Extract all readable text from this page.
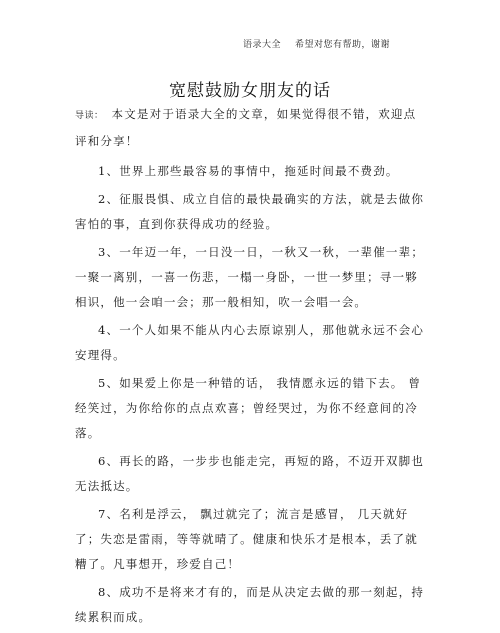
语录大全 希望对您有帮助，谢谢
宽慰鼓励女朋友的话

导读： 本文是对于语录大全的文章，如果觉得很不错，欢迎点评和分享！

1、世界上那些最容易的事情中，拖延时间最不费劲。

2、征服畏惧、成立自信的最快最确实的方法，就是去做你害怕的事，直到你获得成功的经验。

3、一年迈一年，一日没一日，一秋又一秋，一辈催一辈；一聚一离别，一喜一伤悲，一榻一身卧，一世一梦里；寻一夥相识，他一会咱一会；那一般相知，吹一会唱一会。

4、一个人如果不能从内心去原谅别人，那他就永远不会心安理得。

5、如果爱上你是一种错的话， 我情愿永远的错下去。 曾经笑过，为你给你的点点欢喜；曾经哭过，为你不经意间的冷落。

6、再长的路，一步步也能走完，再短的路，不迈开双脚也无法抵达。

7、名利是浮云， 飘过就完了；流言是感冒， 几天就好了；失恋是雷雨，等等就晴了。健康和快乐才是根本，丢了就糟了。凡事想开，珍爱自己！

8、成功不是将来才有的，而是从决定去做的那一刻起，持续累积而成。
